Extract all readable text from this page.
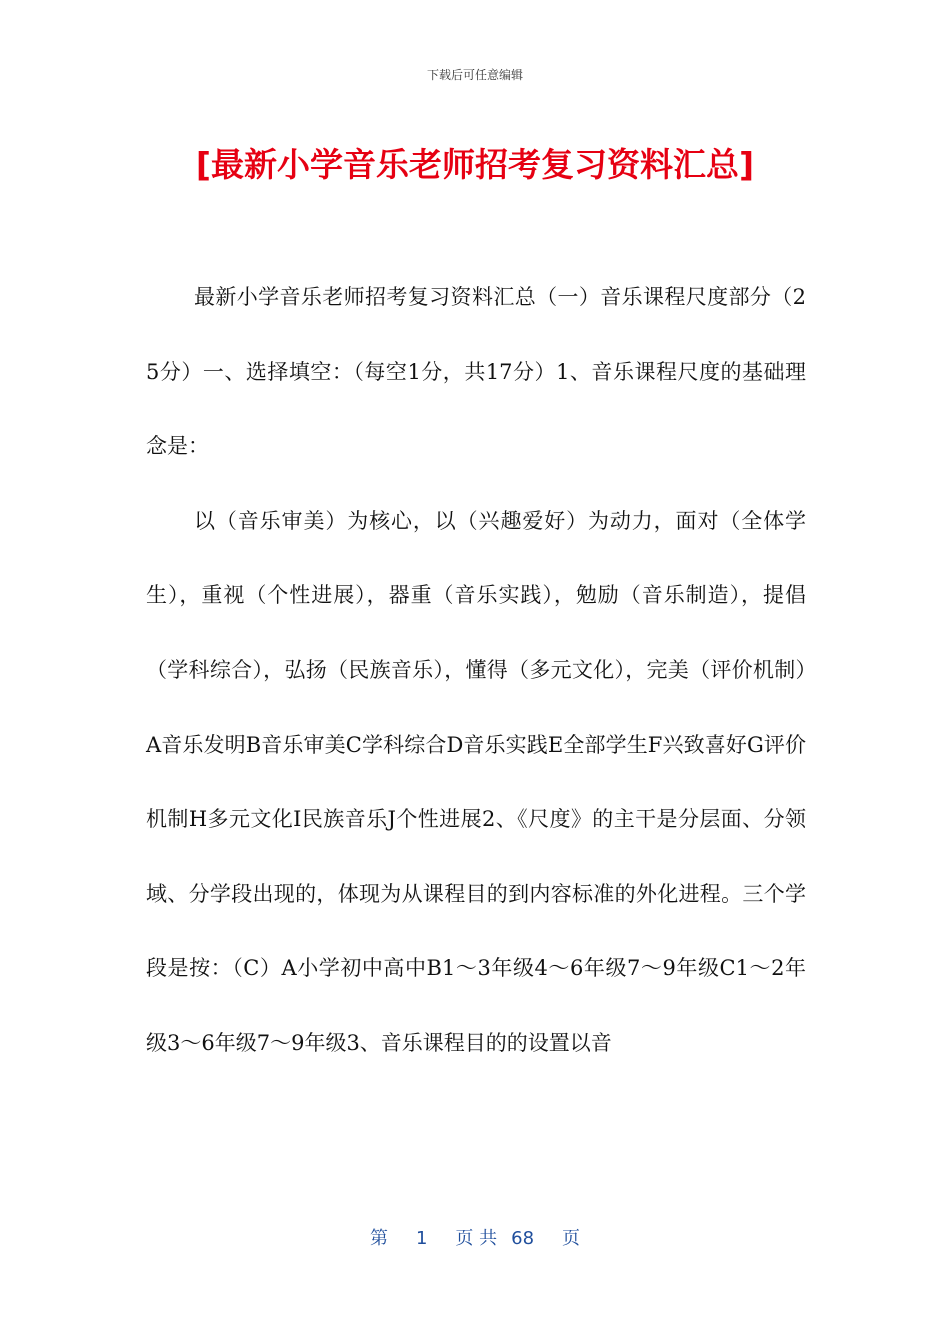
下载后可任意编辑
[最新小学音乐老师招考复习资料汇总]

最新小学音乐老师招考复习资料汇总（一）音乐课程尺度部分（25分）一、选择填空：（每空1分，共17分）1、音乐课程尺度的基础理念是：

以（音乐审美）为核心，以（兴趣爱好）为动力，面对（全体学生），重视（个性进展），器重（音乐实践），勉励（音乐制造），提倡（学科综合），弘扬（民族音乐），懂得（多元文化），完美（评价机制）A音乐发明B音乐审美C学科综合D音乐实践E全部学生F兴致喜好G评价机制H多元文化I民族音乐J个性进展2、《尺度》的主干是分层面、分领域、分学段出现的，体现为从课程目的到内容标准的外化进程。三个学段是按：（C）A小学初中高中B1～3年级4～6年级7～9年级C1～2年级3～6年级7～9年级3、音乐课程目的的设置以音

第 1 页 共 68 页
